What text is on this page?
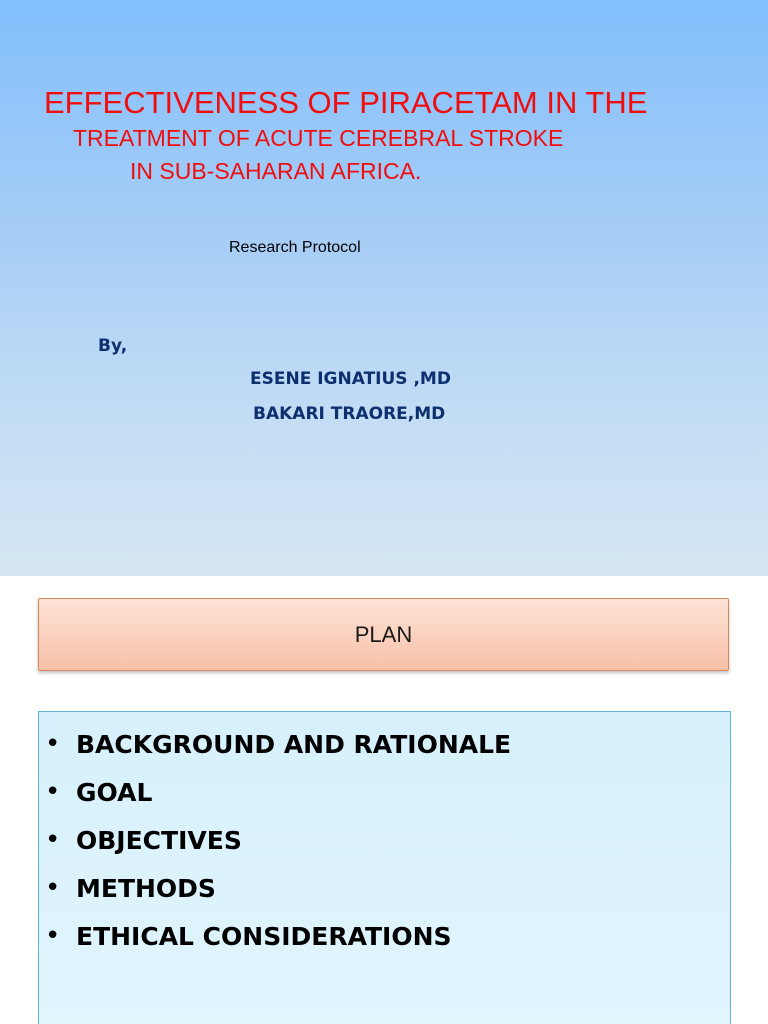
EFFECTIVENESS OF PIRACETAM IN THE
TREATMENT OF ACUTE CEREBRAL STROKE
IN SUB-SAHARAN AFRICA.
Research Protocol
By,
ESENE IGNATIUS ,MD
BAKARI TRAORE,MD
PLAN
• BACKGROUND AND RATIONALE
• GOAL
• OBJECTIVES
• METHODS
• ETHICAL CONSIDERATIONS
